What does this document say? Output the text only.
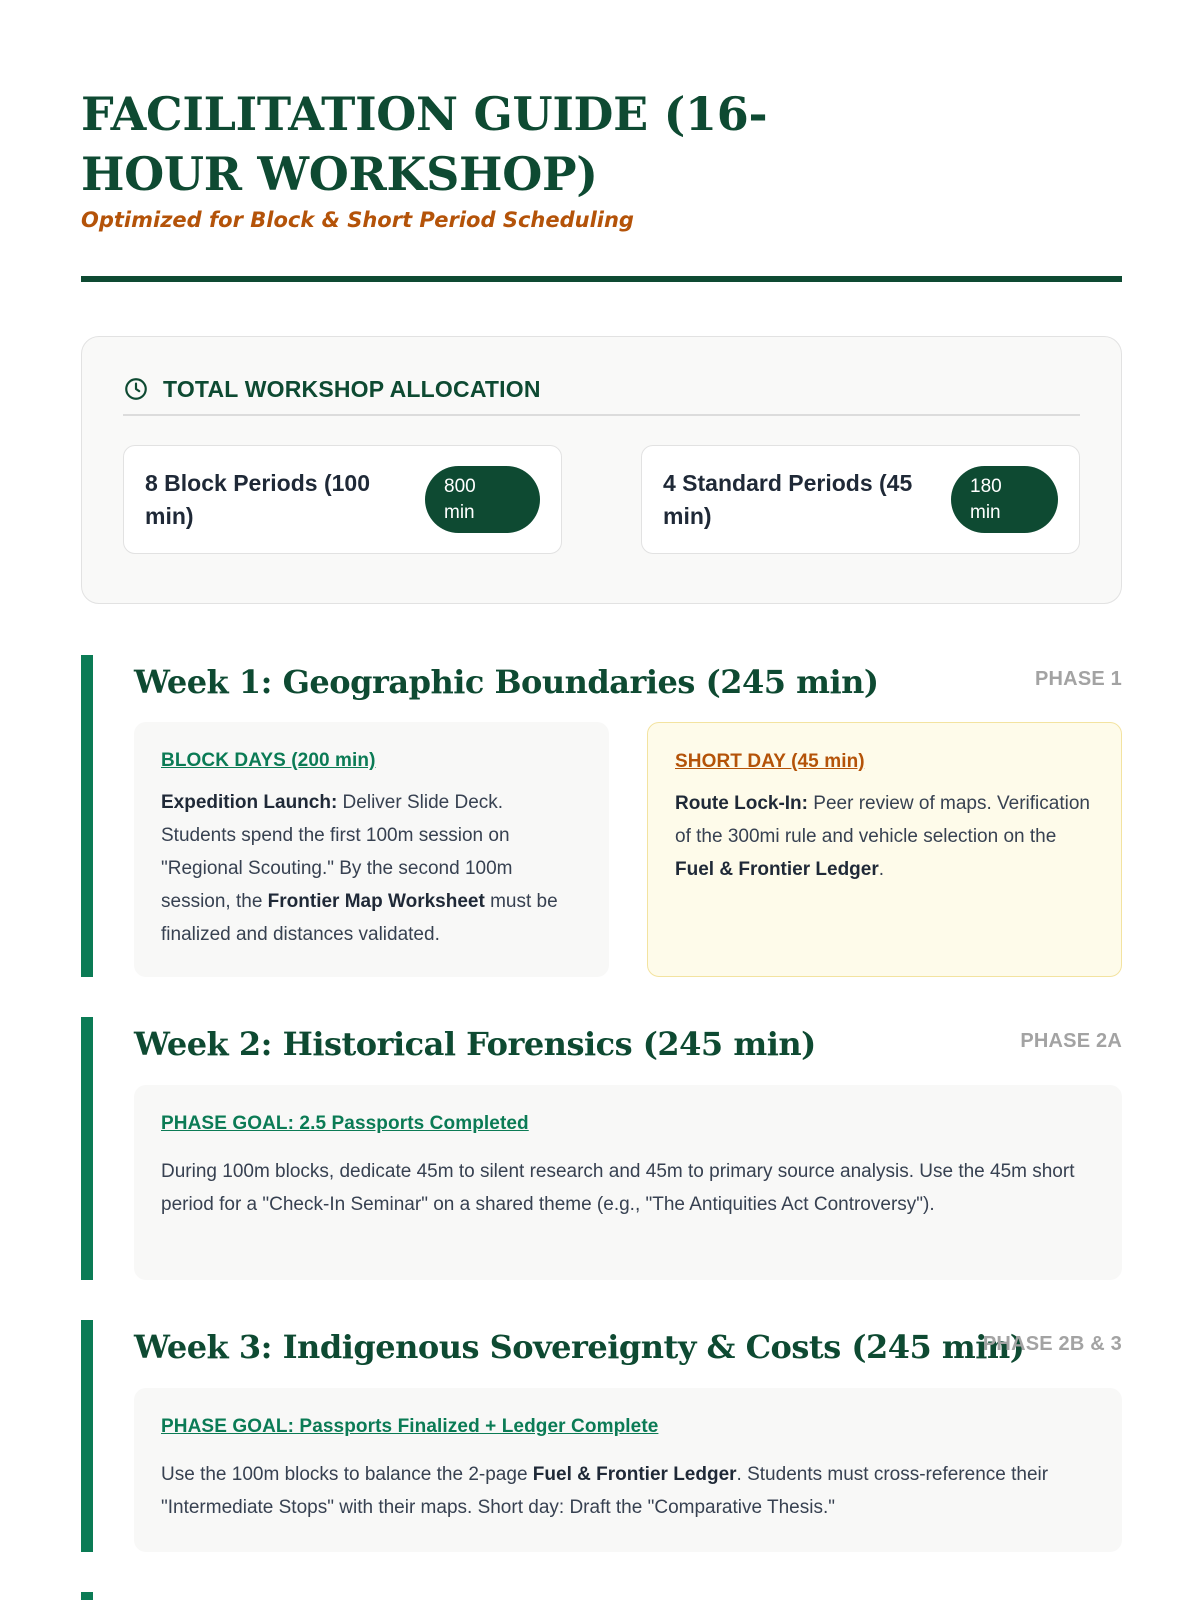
FACILITATION GUIDE (16-HOUR WORKSHOP)
Optimized for Block & Short Period Scheduling
TOTAL WORKSHOP ALLOCATION
8 Block Periods (100 min)
800 min
4 Standard Periods (45 min)
180 min
Week 1: Geographic Boundaries (245 min)	PHASE 1
BLOCK DAYS (200 min)

Expedition Launch: Deliver Slide Deck. Students spend the first 100m session on "Regional Scouting." By the second 100m session, the Frontier Map Worksheet must be finalized and distances validated.

SHORT DAY (45 min)

Route Lock-In: Peer review of maps. Verification of the 300mi rule and vehicle selection on the Fuel & Frontier Ledger.

Week 2: Historical Forensics (245 min)	PHASE 2A
PHASE GOAL: 2.5 Passports Completed

During 100m blocks, dedicate 45m to silent research and 45m to primary source analysis. Use the 45m short period for a "Check-In Seminar" on a shared theme (e.g., "The Antiquities Act Controversy").

Week 3: Indigenous Sovereignty & Costs (245 min)
PHASE 2B & 3
PHASE GOAL: Passports Finalized + Ledger Complete

Use the 100m blocks to balance the 2-page Fuel & Frontier Ledger. Students must cross-reference their "Intermediate Stops" with their maps. Short day: Draft the "Comparative Thesis."
